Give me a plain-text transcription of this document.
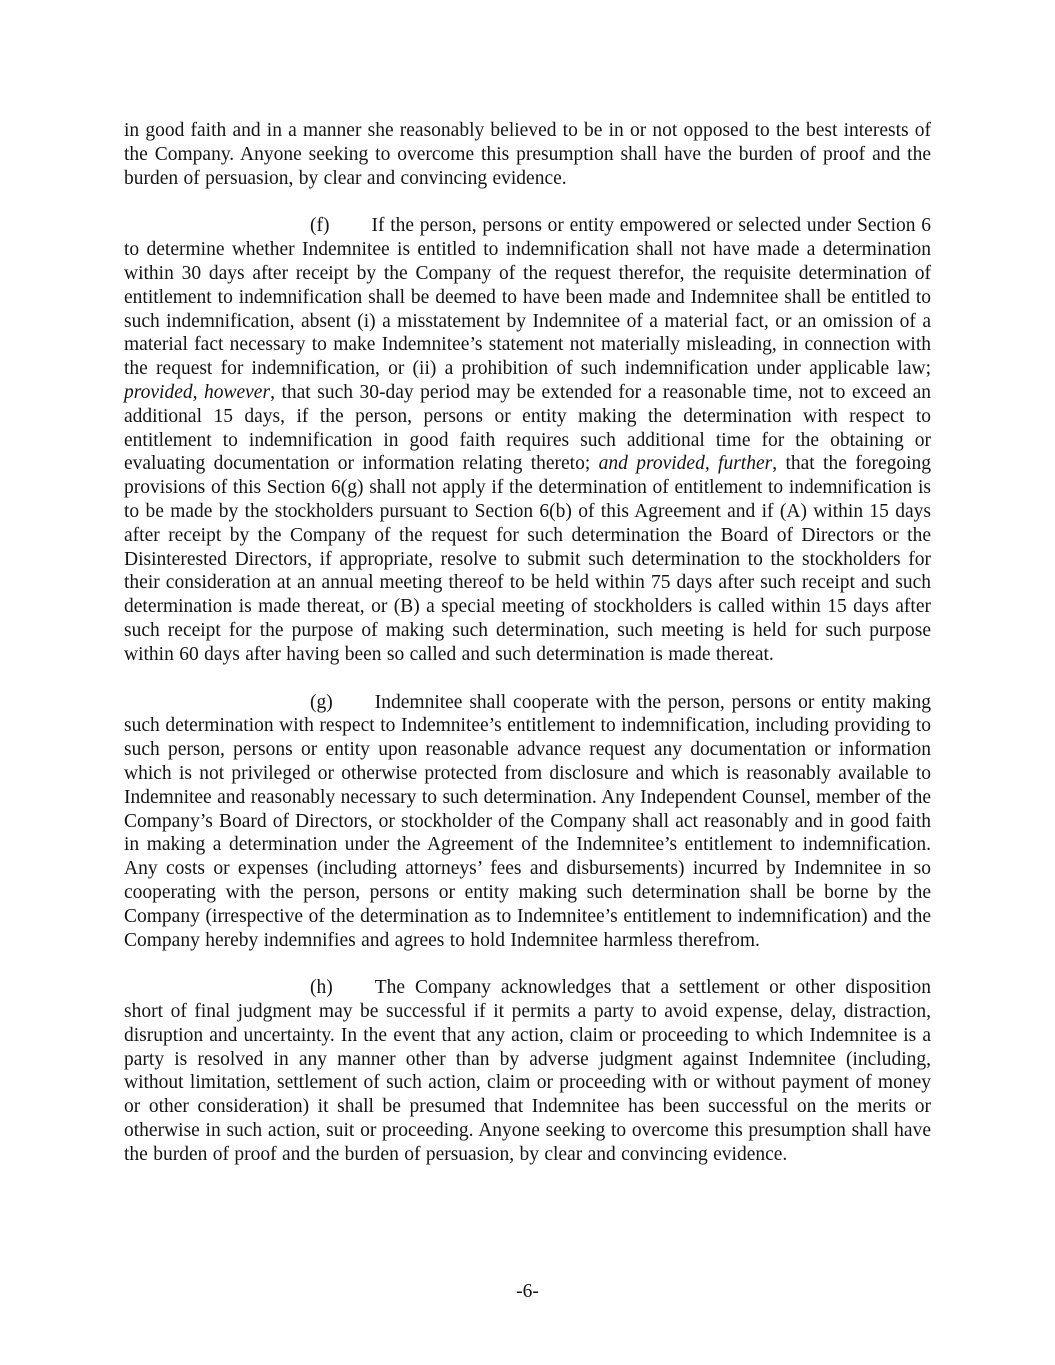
in good faith and in a manner she reasonably believed to be in or not opposed to the best interests of the Company. Anyone seeking to overcome this presumption shall have the burden of proof and the burden of persuasion, by clear and convincing evidence.

(f) If the person, persons or entity empowered or selected under Section 6 to determine whether Indemnitee is entitled to indemnification shall not have made a determination within 30 days after receipt by the Company of the request therefor, the requisite determination of entitlement to indemnification shall be deemed to have been made and Indemnitee shall be entitled to such indemnification, absent (i) a misstatement by Indemnitee of a material fact, or an omission of a material fact necessary to make Indemnitee’s statement not materially misleading, in connection with the request for indemnification, or (ii) a prohibition of such indemnification under applicable law; provided, however, that such 30-day period may be extended for a reasonable time, not to exceed an additional 15 days, if the person, persons or entity making the determination with respect to entitlement to indemnification in good faith requires such additional time for the obtaining or evaluating documentation or information relating thereto; and provided, further, that the foregoing provisions of this Section 6(g) shall not apply if the determination of entitlement to indemnification is to be made by the stockholders pursuant to Section 6(b) of this Agreement and if (A) within 15 days after receipt by the Company of the request for such determination the Board of Directors or the Disinterested Directors, if appropriate, resolve to submit such determination to the stockholders for their consideration at an annual meeting thereof to be held within 75 days after such receipt and such determination is made thereat, or (B) a special meeting of stockholders is called within 15 days after such receipt for the purpose of making such determination, such meeting is held for such purpose within 60 days after having been so called and such determination is made thereat.

(g) Indemnitee shall cooperate with the person, persons or entity making such determination with respect to Indemnitee’s entitlement to indemnification, including providing to such person, persons or entity upon reasonable advance request any documentation or information which is not privileged or otherwise protected from disclosure and which is reasonably available to Indemnitee and reasonably necessary to such determination. Any Independent Counsel, member of the Company’s Board of Directors, or stockholder of the Company shall act reasonably and in good faith in making a determination under the Agreement of the Indemnitee’s entitlement to indemnification. Any costs or expenses (including attorneys’ fees and disbursements) incurred by Indemnitee in so cooperating with the person, persons or entity making such determination shall be borne by the Company (irrespective of the determination as to Indemnitee’s entitlement to indemnification) and the Company hereby indemnifies and agrees to hold Indemnitee harmless therefrom.

(h) The Company acknowledges that a settlement or other disposition short of final judgment may be successful if it permits a party to avoid expense, delay, distraction, disruption and uncertainty. In the event that any action, claim or proceeding to which Indemnitee is a party is resolved in any manner other than by adverse judgment against Indemnitee (including, without limitation, settlement of such action, claim or proceeding with or without payment of money or other consideration) it shall be presumed that Indemnitee has been successful on the merits or otherwise in such action, suit or proceeding. Anyone seeking to overcome this presumption shall have the burden of proof and the burden of persuasion, by clear and convincing evidence.

-6-
